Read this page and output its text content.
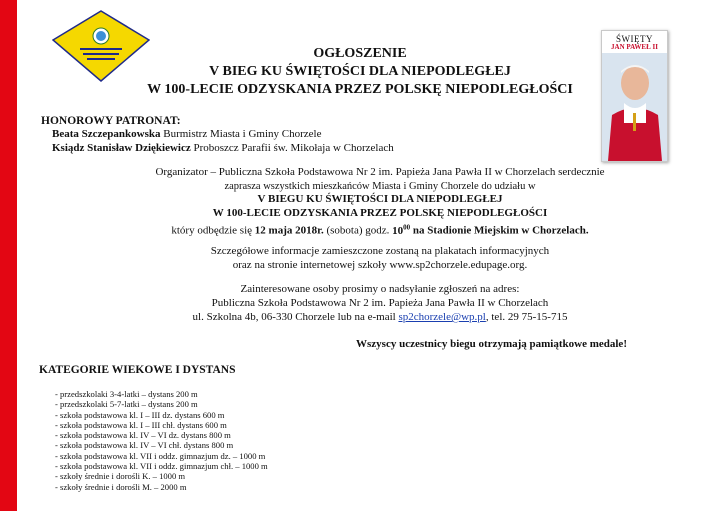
ŚWIĘTY
JAN PAWEŁ II
OGŁOSZENIE
V BIEG KU ŚWIĘTOŚCI DLA NIEPODLEGŁEJ
W 100-LECIE ODZYSKANIA PRZEZ POLSKĘ NIEPODLEGŁOŚCI
HONOROWY PATRONAT:
Beata Szczepankowska Burmistrz Miasta i Gminy Chorzele
Ksiądz Stanisław Dziękiewicz Proboszcz Parafii św. Mikołaja w Chorzelach
Organizator – Publiczna Szkoła Podstawowa Nr 2 im. Papieża Jana Pawła II w Chorzelach serdecznie
zaprasza wszystkich mieszkańców Miasta i Gminy Chorzele do udziału w
V BIEGU KU ŚWIĘTOŚCI DLA NIEPODLEGŁEJ
W 100-LECIE ODZYSKANIA PRZEZ POLSKĘ NIEPODLEGŁOŚCI
który odbędzie się 12 maja 2018r. (sobota) godz. $10^{00}$ na Stadionie Miejskim w Chorzelach.
Szczegółowe informacje zamieszczone zostaną na plakatach informacyjnych
oraz na stronie internetowej szkoły www.sp2chorzele.edupage.org.
Zainteresowane osoby prosimy o nadsyłanie zgłoszeń na adres:
Publiczna Szkoła Podstawowa Nr 2 im. Papieża Jana Pawła II w Chorzelach
ul. Szkolna 4b, 06-330 Chorzele lub na e-mail sp2chorzele@wp.pl, tel. 29 75-15-715
Wszyscy uczestnicy biegu otrzymają pamiątkowe medale!
KATEGORIE WIEKOWE I DYSTANS
- przedszkolaki 3-4-latki – dystans 200 m
- przedszkolaki 5-7-latki – dystans 200 m
- szkoła podstawowa kl. I – III dz. dystans 600 m
- szkoła podstawowa kl. I – III chł. dystans 600 m
- szkoła podstawowa kl. IV – VI dz. dystans 800 m
- szkoła podstawowa kl. IV – VI chł. dystans 800 m
- szkoła podstawowa kl. VII i oddz. gimnazjum dz. – 1000 m
- szkoła podstawowa kl. VII i oddz. gimnazjum chł. – 1000 m
- szkoły średnie i dorośli K. – 1000 m
- szkoły średnie i dorośli M. – 2000 m
